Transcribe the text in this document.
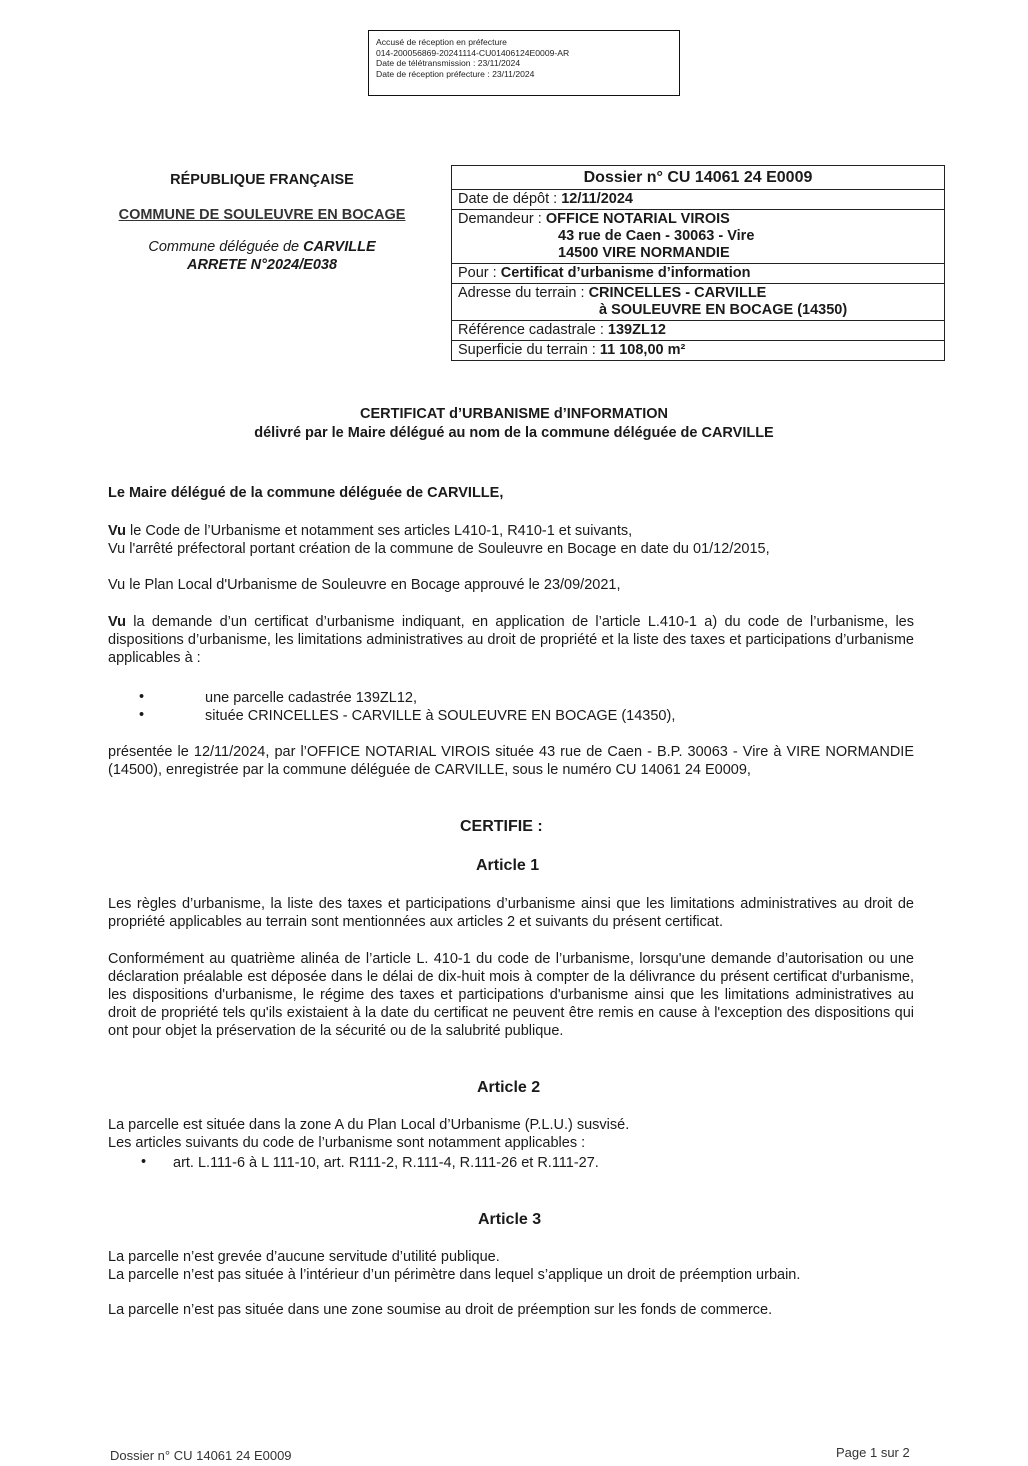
Accusé de réception en préfecture
014-200056869-20241114-CU01406124E0009-AR
Date de télétransmission : 23/11/2024
Date de réception préfecture : 23/11/2024
RÉPUBLIQUE FRANÇAISE
COMMUNE DE SOULEUVRE EN BOCAGE
Commune déléguée de CARVILLE
ARRETE N°2024/E038
Dossier n° CU 14061 24 E0009
Date de dépôt : 12/11/2024

Demandeur : OFFICE NOTARIAL VIROIS
43 rue de Caen - 30063 - Vire
14500 VIRE NORMANDIE

Pour : Certificat d’urbanisme d’information

Adresse du terrain : CRINCELLES - CARVILLE
à SOULEUVRE EN BOCAGE (14350)

Référence cadastrale : 139ZL12
Superficie du terrain : 11 108,00 m²
CERTIFICAT d’URBANISME d’INFORMATION
délivré par le Maire délégué au nom de la commune déléguée de CARVILLE
Le Maire délégué de la commune déléguée de CARVILLE,
Vu le Code de l’Urbanisme et notamment ses articles L410-1, R410-1 et suivants,
Vu l'arrêté préfectoral portant création de la commune de Souleuvre en Bocage en date du 01/12/2015,
Vu le Plan Local d'Urbanisme de Souleuvre en Bocage approuvé le 23/09/2021,
Vu la demande d’un certificat d’urbanisme indiquant, en application de l’article L.410-1 a) du code de l’urbanisme, les dispositions d’urbanisme, les limitations administratives au droit de propriété et la liste des taxes et participations d’urbanisme applicables à :
•	une parcelle cadastrée 139ZL12,
•	située CRINCELLES - CARVILLE à SOULEUVRE EN BOCAGE (14350),
présentée le 12/11/2024, par l’OFFICE NOTARIAL VIROIS située 43 rue de Caen - B.P. 30063 - Vire à VIRE NORMANDIE (14500), enregistrée par la commune déléguée de CARVILLE, sous le numéro CU 14061 24 E0009,
CERTIFIE :
Article 1
Les règles d’urbanisme, la liste des taxes et participations d’urbanisme ainsi que les limitations administratives au droit de propriété applicables au terrain sont mentionnées aux articles 2 et suivants du présent certificat.
Conformément au quatrième alinéa de l’article L. 410-1 du code de l’urbanisme, lorsqu'une demande d’autorisation ou une déclaration préalable est déposée dans le délai de dix-huit mois à compter de la délivrance du présent certificat d'urbanisme, les dispositions d'urbanisme, le régime des taxes et participations d'urbanisme ainsi que les limitations administratives au droit de propriété tels qu'ils existaient à la date du certificat ne peuvent être remis en cause à l'exception des dispositions qui ont pour objet la préservation de la sécurité ou de la salubrité publique.
Article 2
La parcelle est située dans la zone A du Plan Local d’Urbanisme (P.L.U.) susvisé.
Les articles suivants du code de l’urbanisme sont notamment applicables :
• art. L.111-6 à L 111-10, art. R111-2, R.111-4, R.111-26 et R.111-27.
Article 3
La parcelle n’est grevée d’aucune servitude d’utilité publique.
La parcelle n’est pas située à l’intérieur d’un périmètre dans lequel s’applique un droit de préemption urbain.
La parcelle n’est pas située dans une zone soumise au droit de préemption sur les fonds de commerce.
Dossier n° CU 14061 24 E0009	Page 1 sur 2
